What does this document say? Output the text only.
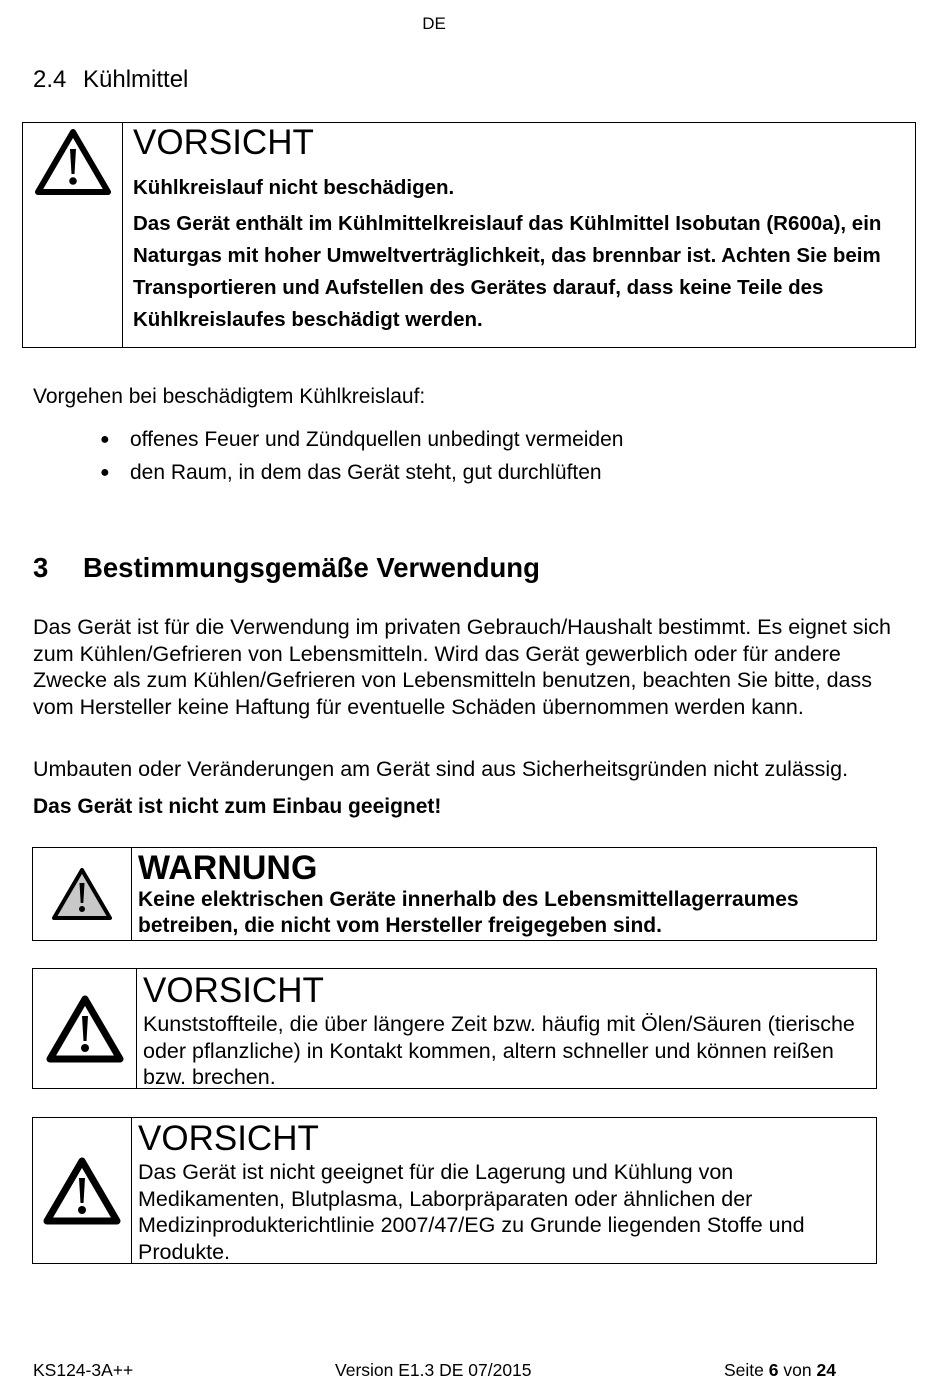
DE
2.4 Kühlmittel
VORSICHT
Kühlkreislauf nicht beschädigen.
Das Gerät enthält im Kühlmittelkreislauf das Kühlmittel Isobutan (R600a), ein Naturgas mit hoher Umweltverträglichkeit, das brennbar ist. Achten Sie beim Transportieren und Aufstellen des Gerätes darauf, dass keine Teile des Kühlkreislaufes beschädigt werden.
Vorgehen bei beschädigtem Kühlkreislauf:
● offenes Feuer und Zündquellen unbedingt vermeiden
● den Raum, in dem das Gerät steht, gut durchlüften
3 Bestimmungsgemäße Verwendung
Das Gerät ist für die Verwendung im privaten Gebrauch/Haushalt bestimmt. Es eignet sich zum Kühlen/Gefrieren von Lebensmitteln. Wird das Gerät gewerblich oder für andere Zwecke als zum Kühlen/Gefrieren von Lebensmitteln benutzen, beachten Sie bitte, dass vom Hersteller keine Haftung für eventuelle Schäden übernommen werden kann.
Umbauten oder Veränderungen am Gerät sind aus Sicherheitsgründen nicht zulässig.
Das Gerät ist nicht zum Einbau geeignet!
WARNUNG
Keine elektrischen Geräte innerhalb des Lebensmittellagerraumes betreiben, die nicht vom Hersteller freigegeben sind.
VORSICHT
Kunststoffteile, die über längere Zeit bzw. häufig mit Ölen/Säuren (tierische oder pflanzliche) in Kontakt kommen, altern schneller und können reißen bzw. brechen.
VORSICHT
Das Gerät ist nicht geeignet für die Lagerung und Kühlung von Medikamenten, Blutplasma, Laborpräparaten oder ähnlichen der Medizinprodukterichtlinie 2007/47/EG zu Grunde liegenden Stoffe und Produkte.
KS124-3A++	Version E1.3 DE 07/2015	Seite 6 von 24
